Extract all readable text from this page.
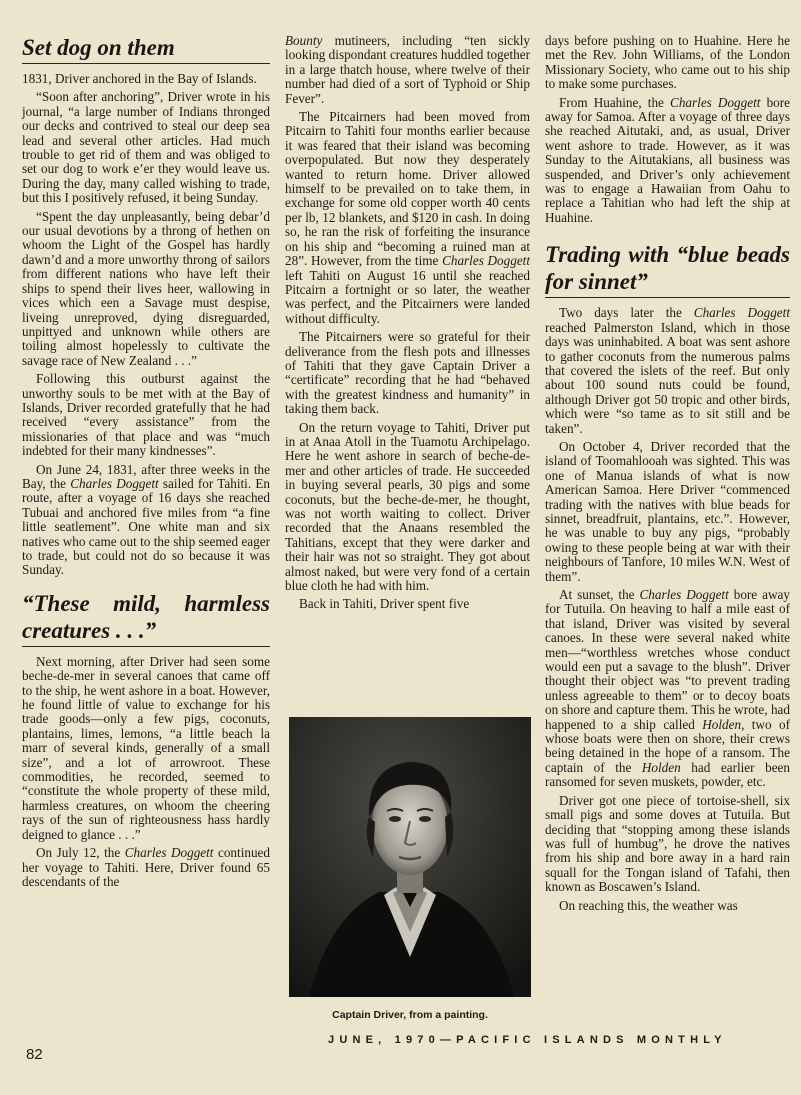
Set dog on them

1831, Driver anchored in the Bay of Islands.

“Soon after anchoring”, Driver wrote in his journal, “a large number of Indians thronged our decks and contrived to steal our deep sea lead and several other articles. Had much trouble to get rid of them and was obliged to set our dog to work e’er they would leave us. During the day, many called wishing to trade, but this I positively refused, it being Sunday.

“Spent the day unpleasantly, being debar’d our usual devotions by a throng of hethen on whoom the Light of the Gospel has hardly dawn’d and a more unworthy throng of sailors from different nations who have left their ships to spend their lives heer, wallowing in vices which een a Savage must despise, liveing unreproved, dying disreguarded, unpittyed and unknown while others are toiling almost hopelessly to cultivate the savage race of New Zealand . . .”

Following this outburst against the unworthy souls to be met with at the Bay of Islands, Driver recorded gratefully that he had received “every assistance” from the missionaries of that place and was “much indebted for their many kindnesses”.

On June 24, 1831, after three weeks in the Bay, the Charles Doggett sailed for Tahiti. En route, after a voyage of 16 days she reached Tubuai and anchored five miles from “a fine little seatlement”. One white man and six natives who came out to the ship seemed eager to trade, but could not do so because it was Sunday.

“These mild, harmless creatures . . .”

Next morning, after Driver had seen some beche-de-mer in several canoes that came off to the ship, he went ashore in a boat. However, he found little of value to exchange for his trade goods—only a few pigs, coconuts, plantains, limes, lemons, “a little beach la marr of several kinds, generally of a small size”, and a lot of arrowroot. These commodities, he recorded, seemed to “constitute the whole property of these mild, harmless creatures, on whoom the cheering rays of the sun of righteousness hass hardly deigned to glance . . .”

On July 12, the Charles Doggett continued her voyage to Tahiti. Here, Driver found 65 descendants of the

Bounty mutineers, including “ten sickly looking dispondant creatures huddled together in a large thatch house, where twelve of their number had died of a sort of Typhoid or Ship Fever”.

The Pitcairners had been moved from Pitcairn to Tahiti four months earlier because it was feared that their island was becoming overpopulated. But now they desperately wanted to return home. Driver allowed himself to be prevailed on to take them, in exchange for some old copper worth 40 cents per lb, 12 blankets, and $120 in cash. In doing so, he ran the risk of forfeiting the insurance on his ship and “becoming a ruined man at 28”. However, from the time Charles Doggett left Tahiti on August 16 until she reached Pitcairn a fortnight or so later, the weather was perfect, and the Pitcairners were landed without difficulty.

The Pitcairners were so grateful for their deliverance from the flesh pots and illnesses of Tahiti that they gave Captain Driver a “certificate” recording that he had “behaved with the greatest kindness and humanity” in taking them back.

On the return voyage to Tahiti, Driver put in at Anaa Atoll in the Tuamotu Archipelago. Here he went ashore in search of beche-de-mer and other articles of trade. He succeeded in buying several pearls, 30 pigs and some coconuts, but the beche-de-mer, he thought, was not worth waiting to collect. Driver recorded that the Anaans resembled the Tahitians, except that they were darker and their hair was not so straight. They got about almost naked, but were very fond of a certain blue cloth he had with him.

Back in Tahiti, Driver spent five

Captain Driver, from a painting.

days before pushing on to Huahine. Here he met the Rev. John Williams, of the London Missionary Society, who came out to his ship to make some purchases.

From Huahine, the Charles Doggett bore away for Samoa. After a voyage of three days she reached Aitutaki, and, as usual, Driver went ashore to trade. However, as it was Sunday to the Aitutakians, all business was suspended, and Driver’s only achievement was to engage a Hawaiian from Oahu to replace a Tahitian who had left the ship at Huahine.

Trading with “blue beads for sinnet”

Two days later the Charles Doggett reached Palmerston Island, which in those days was uninhabited. A boat was sent ashore to gather coconuts from the numerous palms that covered the islets of the reef. But only about 100 sound nuts could be found, although Driver got 50 tropic and other birds, which were “so tame as to sit still and be taken”.

On October 4, Driver recorded that the island of Toomahlooah was sighted. This was one of Manua islands of what is now American Samoa. Here Driver “commenced trading with the natives with blue beads for sinnet, breadfruit, plantains, etc.”. However, he was unable to buy any pigs, “probably owing to these people being at war with their neighbours of Tanfore, 10 miles W.N. West of them”.

At sunset, the Charles Doggett bore away for Tutuila. On heaving to half a mile east of that island, Driver was visited by several canoes. In these were several naked white men—“worthless wretches whose conduct would een put a savage to the blush”. Driver thought their object was “to prevent trading unless agreeable to them” or to decoy boats on shore and capture them. This he wrote, had happened to a ship called Holden, two of whose boats were then on shore, their crews being detained in the hope of a ransom. The captain of the Holden had earlier been ransomed for seven muskets, powder, etc.

Driver got one piece of tortoise-shell, six small pigs and some doves at Tutuila. But deciding that “stopping among these islands was full of humbug”, he drove the natives from his ship and bore away in a hard rain squall for the Tongan island of Tafahi, then known as Boscawen’s Island.

On reaching this, the weather was

82
JUNE, 1970—PACIFIC ISLANDS MONTHLY
